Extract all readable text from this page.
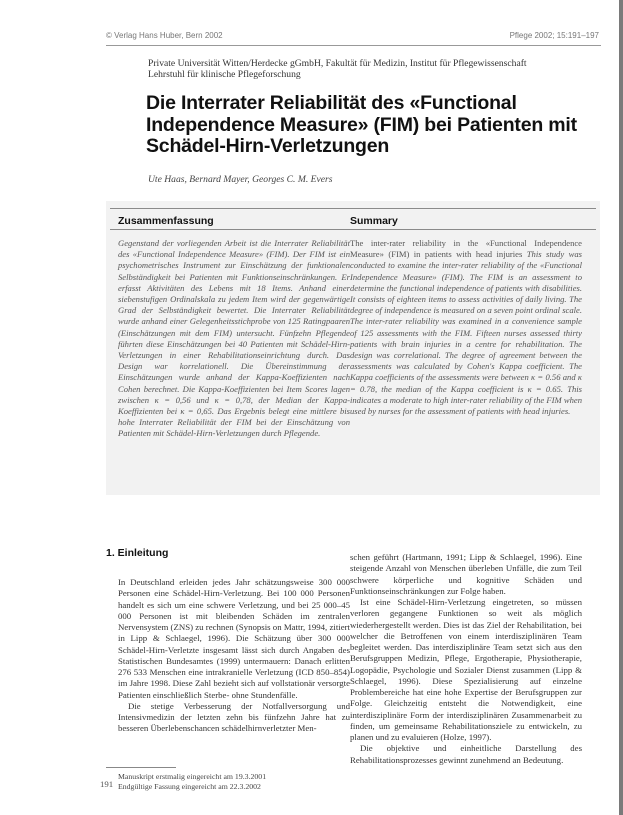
© Verlag Hans Huber, Bern 2002	Pflege 2002; 15:191–197
Private Universität Witten/Herdecke gGmbH, Fakultät für Medizin, Institut für Pflegewissenschaft
Lehrstuhl für klinische Pflegeforschung
Die Interrater Reliabilität des «Functional Independence Measure» (FIM) bei Patienten mit Schädel-Hirn-Verletzungen
Ute Haas, Bernard Mayer, Georges C. M. Evers
Zusammenfassung	Summary
Gegenstand der vorliegenden Arbeit ist die Interrater Reliabilität des «Functional Independence Measure» (FIM). Der FIM ist ein psychometrisches Instrument zur Einschätzung der funktionalen Selbständigkeit bei Patienten mit Funktionseinschränkungen. Er erfasst Aktivitäten des Lebens mit 18 Items. Anhand einer siebenstufigen Ordinalskala zu jedem Item wird der gegenwärtige Grad der Selbständigkeit bewertet. Die Interrater Reliabilität wurde anhand einer Gelegenheitsstichprobe von 125 Ratingpaaren (Einschätzungen mit dem FIM) untersucht. Fünfzehn Pflegende führten diese Einschätzungen bei 40 Patienten mit Schädel-Hirn-Verletzungen in einer Rehabilitationseinrichtung durch. Das Design war korrelationell. Die Übereinstimmung der Einschätzungen wurde anhand der Kappa-Koeffizienten nach Cohen berechnet. Die Kappa-Koeffizienten bei Item Scores lagen zwischen κ = 0,56 und κ = 0,78, der Median der Kappa-Koeffizienten bei κ = 0,65. Das Ergebnis belegt eine mittlere bis hohe Interrater Reliabilität der FIM bei der Einschätzung von Patienten mit Schädel-Hirn-Verletzungen durch Pflegende.
The inter-rater reliability in the «Functional Independence Measure» (FIM) in patients with head injuries This study was conducted to examine the inter-rater reliability of the «Functional Independence Measure» (FIM). The FIM is an assessment to determine the functional independence of patients with disabilities. It consists of eighteen items to assess activities of daily living. The degree of independence is measured on a seven point ordinal scale. The inter-rater reliability was examined in a convenience sample of 125 assessments with the FIM. Fifteen nurses assessed thirty patients with brain injuries in a centre for rehabilitation. The design was correlational. The degree of agreement between the assessments was calculated by Cohen's Kappa coefficient. The Kappa coefficients of the assessments were between κ = 0.56 and κ = 0.78, the median of the Kappa coefficient is κ = 0.65. This indicates a moderate to high inter-rater reliability of the FIM when used by nurses for the assessment of patients with head injuries.
1. Einleitung

In Deutschland erleiden jedes Jahr schätzungsweise 300 000 Personen eine Schädel-Hirn-Verletzung. Bei 100 000 Personen handelt es sich um eine schwere Verletzung, und bei 25 000–45 000 Personen ist mit bleibenden Schäden im zentralen Nervensystem (ZNS) zu rechnen (Synopsis on Mattr, 1994, zitiert in Lipp & Schlaegel, 1996). Die Schätzung über 300 000 Schädel-Hirn-Verletzte insgesamt lässt sich durch Angaben des Statistischen Bundesamtes (1999) untermauern: Danach erlitten 276 533 Menschen eine intrakranielle Verletzung (ICD 850–854) im Jahre 1998. Diese Zahl bezieht sich auf vollstationär versorgte Patienten einschließlich Sterbe- ohne Stundenfälle.

Die stetige Verbesserung der Notfallversorgung und Intensivmedizin der letzten zehn bis fünfzehn Jahre hat zu besseren Überlebenschancen schädelhirnverletzter Men-

schen geführt (Hartmann, 1991; Lipp & Schlaegel, 1996). Eine steigende Anzahl von Menschen überleben Unfälle, die zum Teil schwere körperliche und kognitive Schäden und Funktionseinschränkungen zur Folge haben.

Ist eine Schädel-Hirn-Verletzung eingetreten, so müssen verloren gegangene Funktionen so weit als möglich wiederhergestellt werden. Dies ist das Ziel der Rehabilitation, bei welcher die Betroffenen von einem interdisziplinären Team begleitet werden. Das interdisziplinäre Team setzt sich aus den Berufsgruppen Medizin, Pflege, Ergotherapie, Physiotherapie, Logopädie, Psychologie und Sozialer Dienst zusammen (Lipp & Schlaegel, 1996). Diese Spezialisierung auf einzelne Problembereiche hat eine hohe Expertise der Berufsgruppen zur Folge. Gleichzeitig entsteht die Notwendigkeit, eine interdisziplinäre Form der interdisziplinären Zusammenarbeit zu finden, um gemeinsame Rehabilitationsziele zu entwickeln, zu planen und zu evaluieren (Holze, 1997).

Die objektive und einheitliche Darstellung des Rehabilitationsprozesses gewinnt zunehmend an Bedeutung.

Manuskript erstmalig eingereicht am 19.3.2001
Endgültige Fassung eingereicht am 22.3.2002
191
